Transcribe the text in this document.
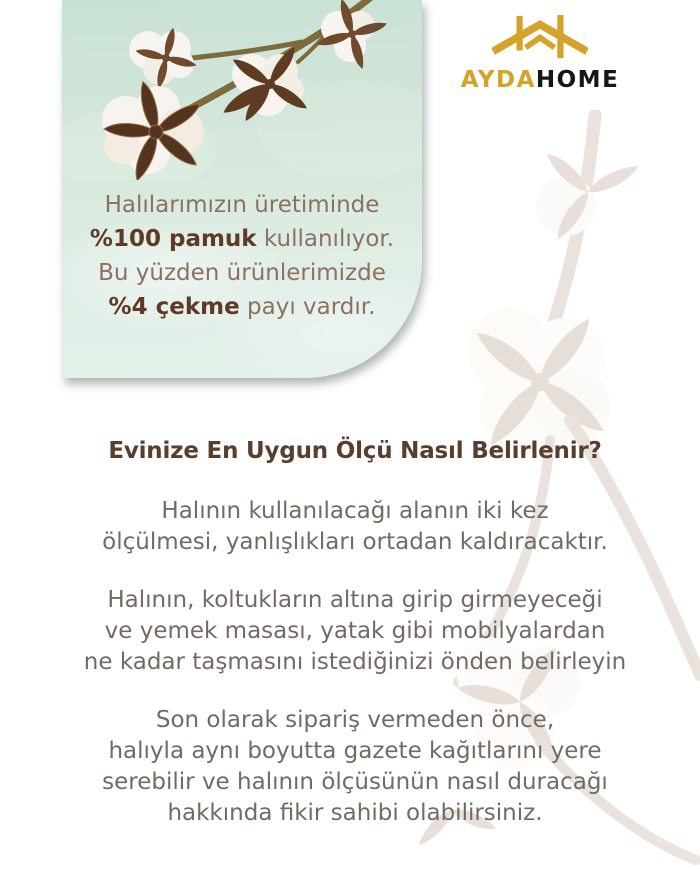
AYDAHOME
Halılarımızın üretiminde
%100 pamuk kullanılıyor.
Bu yüzden ürünlerimizde
%4 çekme payı vardır.
Evinize En Uygun Ölçü Nasıl Belirlenir?

Halının kullanılacağı alanın iki kez
ölçülmesi, yanlışlıkları ortadan kaldıracaktır.

Halının, koltukların altına girip girmeyeceği
ve yemek masası, yatak gibi mobilyalardan
ne kadar taşmasını istediğinizi önden belirleyin

Son olarak sipariş vermeden önce,
halıyla aynı boyutta gazete kağıtlarını yere
serebilir ve halının ölçüsünün nasıl duracağı
hakkında fikir sahibi olabilirsiniz.
